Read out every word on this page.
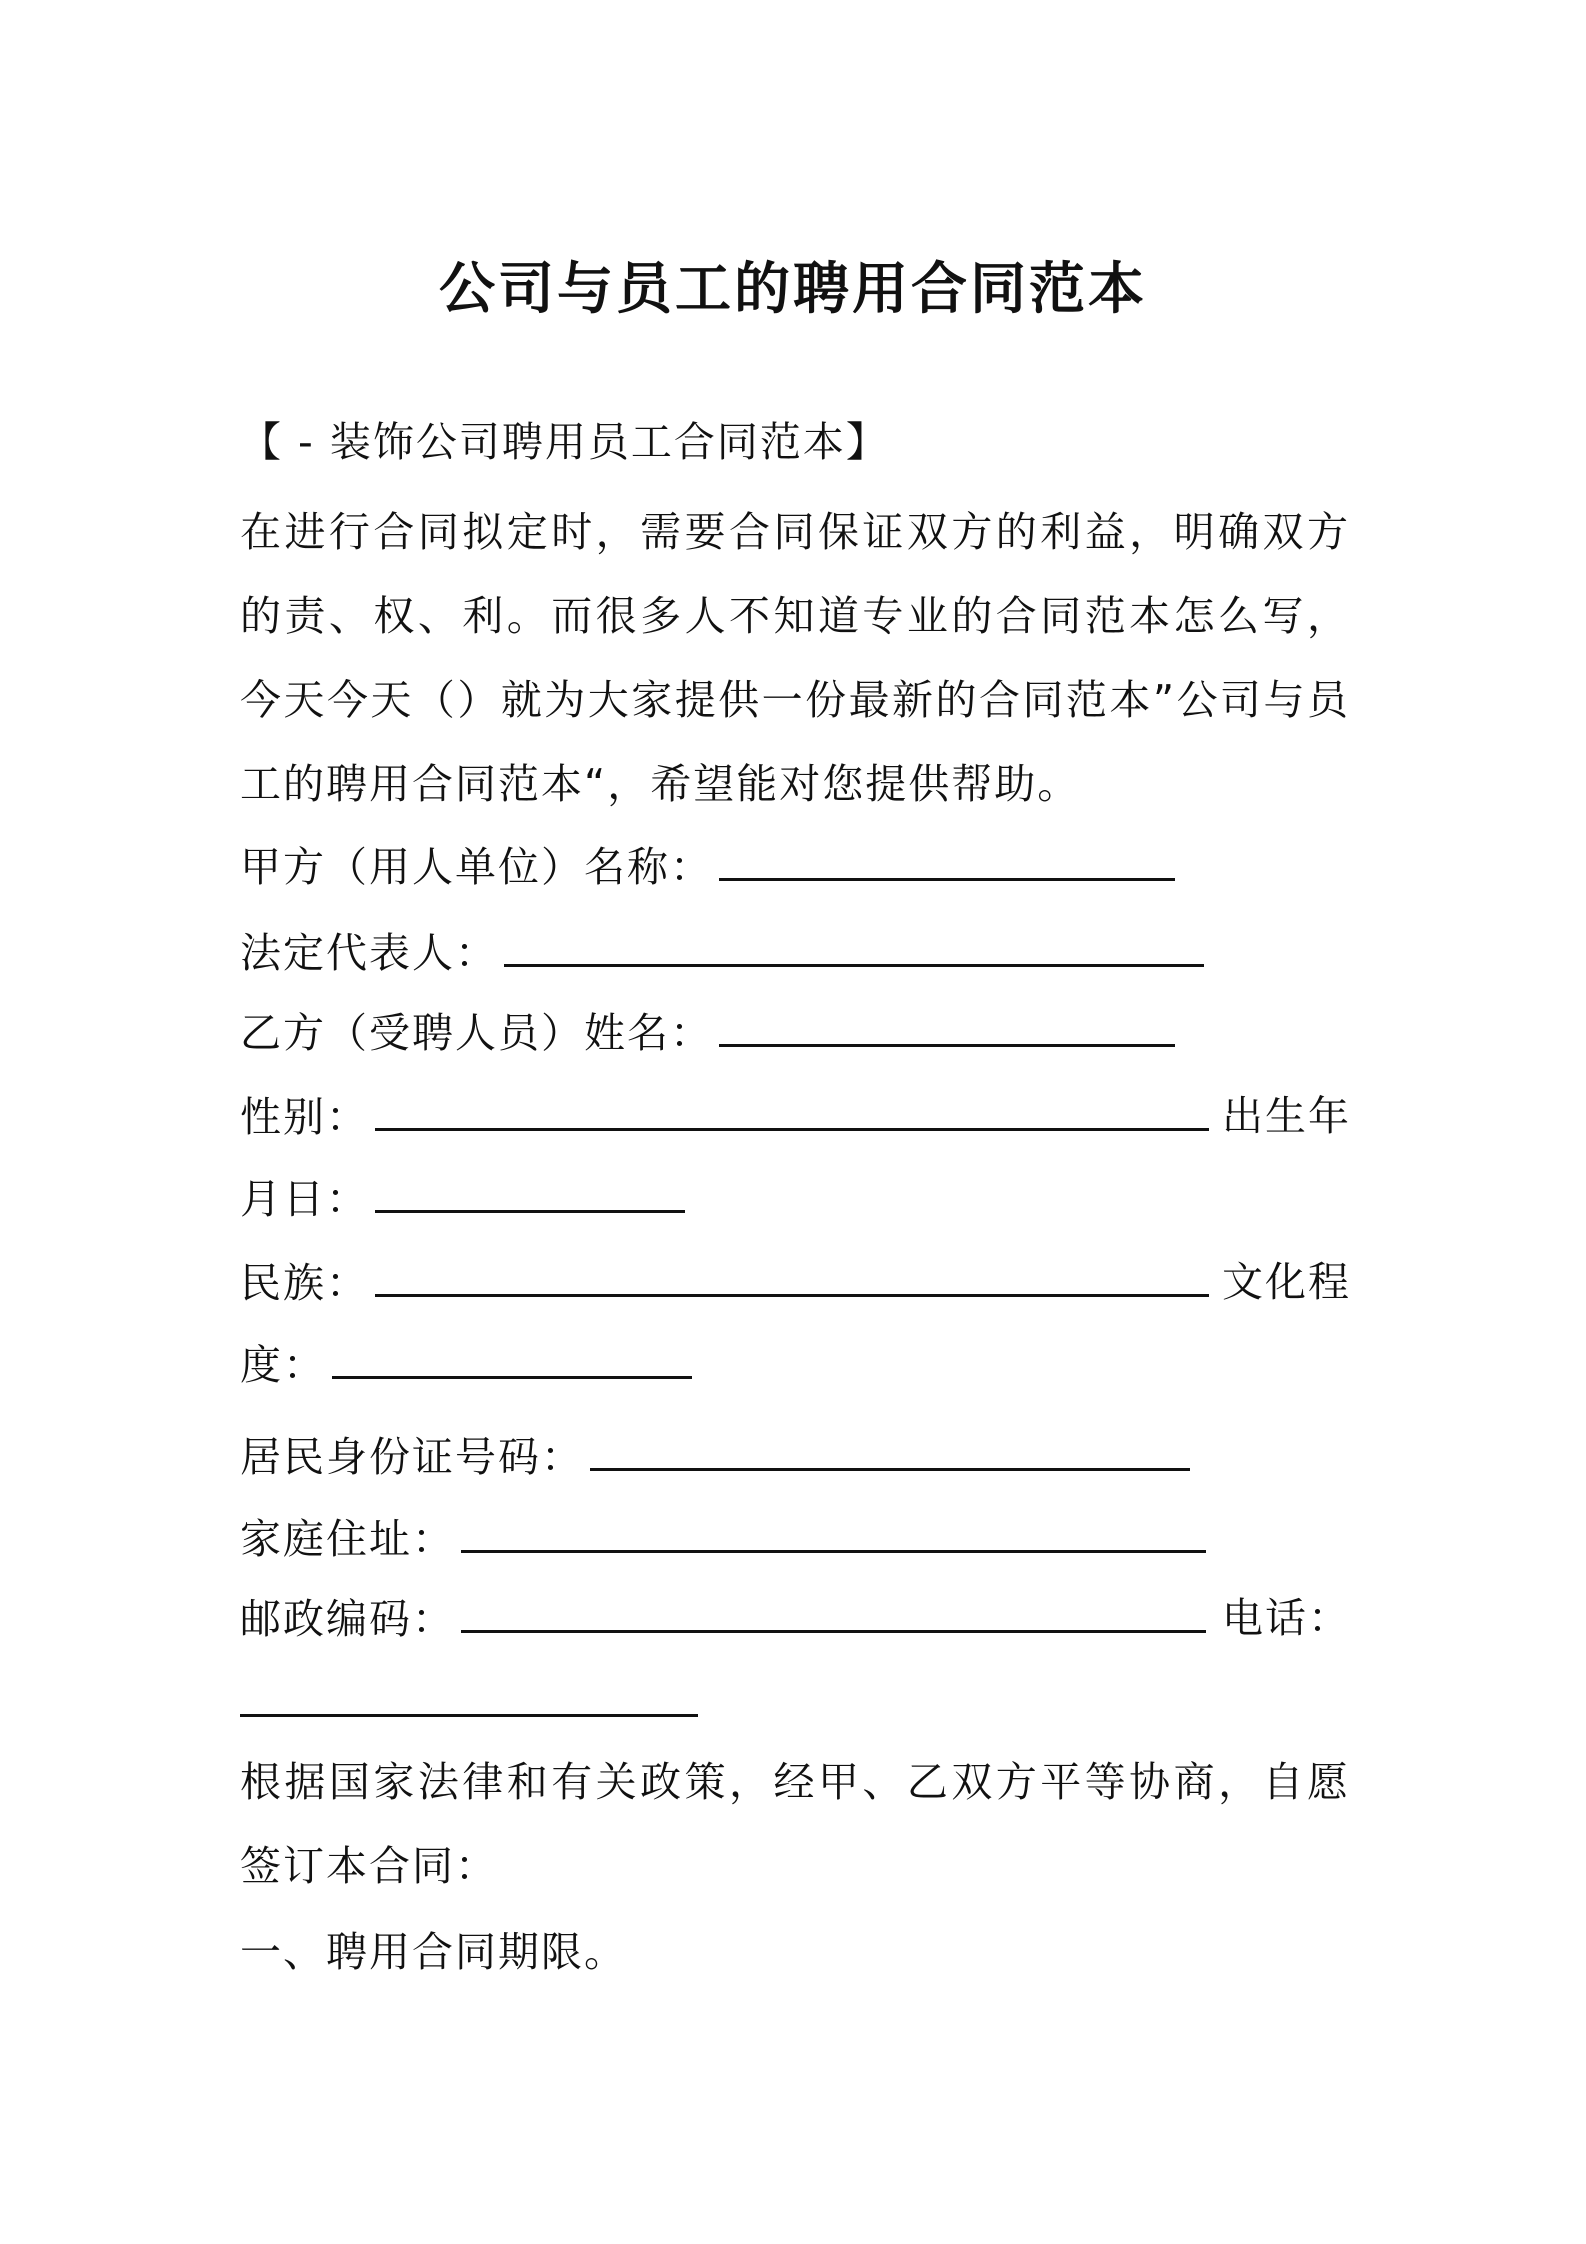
公司与员工的聘用合同范本
【 - 装饰公司聘用员工合同范本】
在进行合同拟定时，需要合同保证双方的利益，明确双方的责、权、利。而很多人不知道专业的合同范本怎么写，今天今天（）就为大家提供一份最新的合同范本”公司与员工的聘用合同范本“，希望能对您提供帮助。
甲方（用人单位）名称：
法定代表人：
乙方（受聘人员）姓名：
性别：	出生年
月日：
民族：	文化程
度：
居民身份证号码：
家庭住址：
邮政编码：	电话：
根据国家法律和有关政策，经甲、乙双方平等协商，自愿签订本合同：
一、聘用合同期限。
